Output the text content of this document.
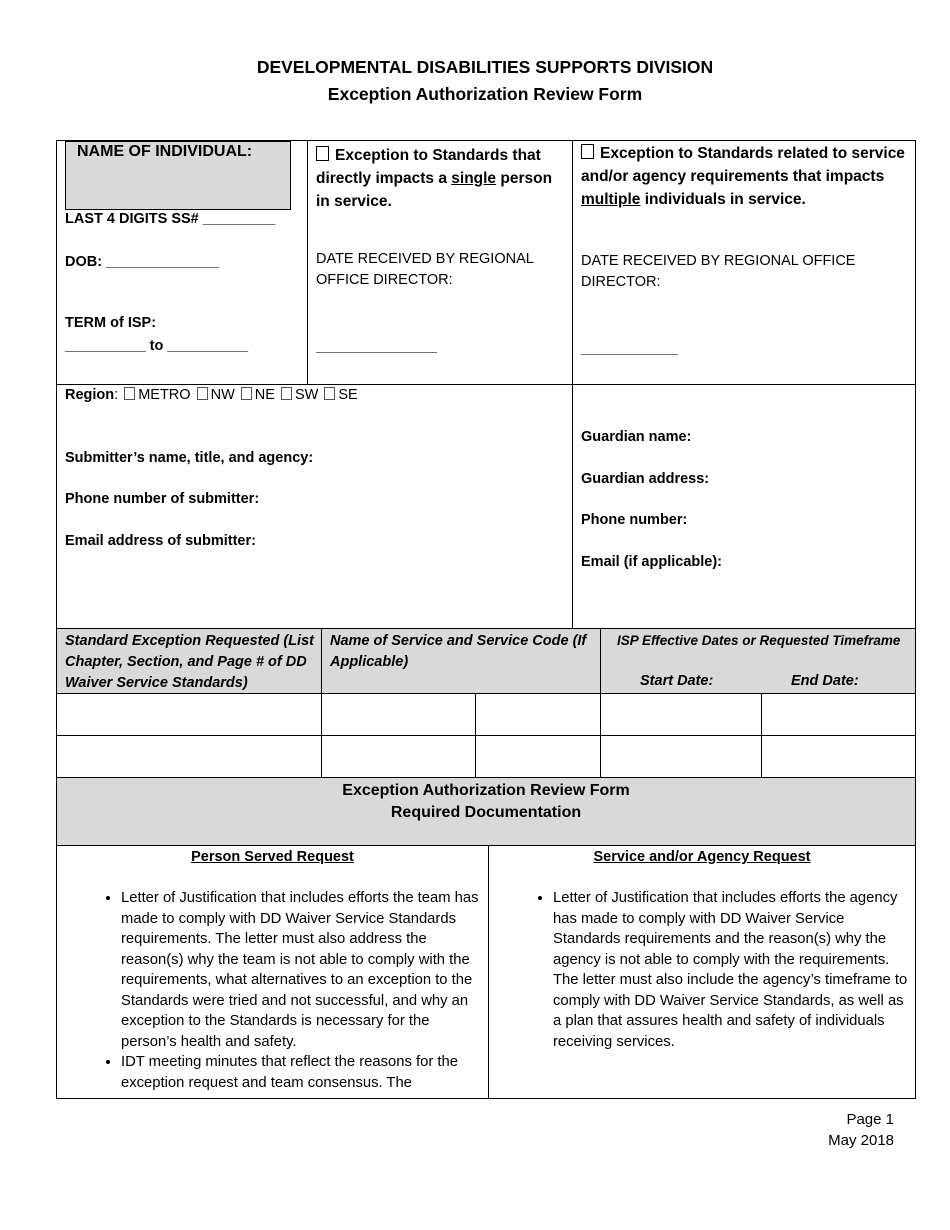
DEVELOPMENTAL DISABILITIES SUPPORTS DIVISION
Exception Authorization Review Form
NAME OF INDIVIDUAL:
LAST 4 DIGITS SS# _________
DOB: ______________
TERM of ISP:
__________ to __________
Exception to Standards that directly impacts a single person in service.
DATE RECEIVED BY REGIONAL OFFICE DIRECTOR:
_______________
Exception to Standards related to service and/or agency requirements that impacts multiple individuals in service.
DATE RECEIVED BY REGIONAL OFFICE DIRECTOR:
____________
Region: METRO NW NE SW SE
Submitter’s name, title, and agency:
Phone number of submitter:
Email address of submitter:
Guardian name:
Guardian address:
Phone number:
Email (if applicable):
Standard Exception Requested (List Chapter, Section, and Page # of DD Waiver Service Standards)
Name of Service and Service Code (If Applicable)
ISP Effective Dates or Requested Timeframe
Start Date:	End Date:
Exception Authorization Review Form
Required Documentation
Person Served Request
• Letter of Justification that includes efforts the team has made to comply with DD Waiver Service Standards requirements. The letter must also address the reason(s) why the team is not able to comply with the requirements, what alternatives to an exception to the Standards were tried and not successful, and why an exception to the Standards is necessary for the person’s health and safety.
• IDT meeting minutes that reflect the reasons for the exception request and team consensus. The
Service and/or Agency Request
• Letter of Justification that includes efforts the agency has made to comply with DD Waiver Service Standards requirements and the reason(s) why the agency is not able to comply with the requirements. The letter must also include the agency’s timeframe to comply with DD Waiver Service Standards, as well as a plan that assures health and safety of individuals receiving services.
Page 1
May 2018
